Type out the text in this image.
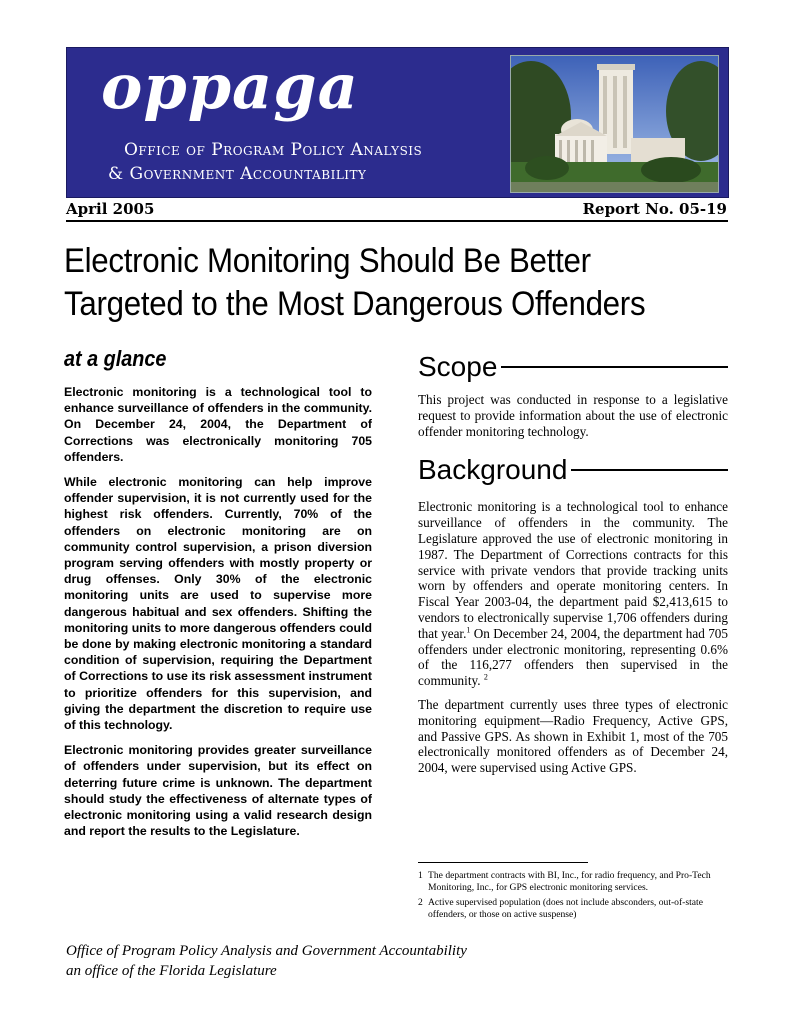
oppaga
Office of Program Policy Analysis
& Government Accountability
April 2005	Report No. 05-19
Electronic Monitoring Should Be Better
Targeted to the Most Dangerous Offenders
at a glance

Electronic monitoring is a technological tool to enhance surveillance of offenders in the community. On December 24, 2004, the Department of Corrections was electronically monitoring 705 offenders.

While electronic monitoring can help improve offender supervision, it is not currently used for the highest risk offenders. Currently, 70% of the offenders on electronic monitoring are on community control supervision, a prison diversion program serving offenders with mostly property or drug offenses. Only 30% of the electronic monitoring units are used to supervise more dangerous habitual and sex offenders. Shifting the monitoring units to more dangerous offenders could be done by making electronic monitoring a standard condition of supervision, requiring the Department of Corrections to use its risk assessment instrument to prioritize offenders for this supervision, and giving the department the discretion to require use of this technology.

Electronic monitoring provides greater surveillance of offenders under supervision, but its effect on deterring future crime is unknown. The department should study the effectiveness of alternate types of electronic monitoring using a valid research design and report the results to the Legislature.

Scope

This project was conducted in response to a legislative request to provide information about the use of electronic offender monitoring technology.

Background

Electronic monitoring is a technological tool to enhance surveillance of offenders in the community. The Legislature approved the use of electronic monitoring in 1987. The Department of Corrections contracts for this service with private vendors that provide tracking units worn by offenders and operate monitoring centers. In Fiscal Year 2003-04, the department paid $2,413,615 to vendors to electronically supervise 1,706 offenders during that year.$^1$ On December 24, 2004, the department had 705 offenders under electronic monitoring, representing 0.6% of the 116,277 offenders then supervised in the community. $^2$

The department currently uses three types of electronic monitoring equipment—Radio Frequency, Active GPS, and Passive GPS. As shown in Exhibit 1, most of the 705 electronically monitored offenders as of December 24, 2004, were supervised using Active GPS.

1 The department contracts with BI, Inc., for radio frequency, and Pro-Tech Monitoring, Inc., for GPS electronic monitoring services.
2 Active supervised population (does not include absconders, out-of-state offenders, or those on active suspense)
Office of Program Policy Analysis and Government Accountability
an office of the Florida Legislature
